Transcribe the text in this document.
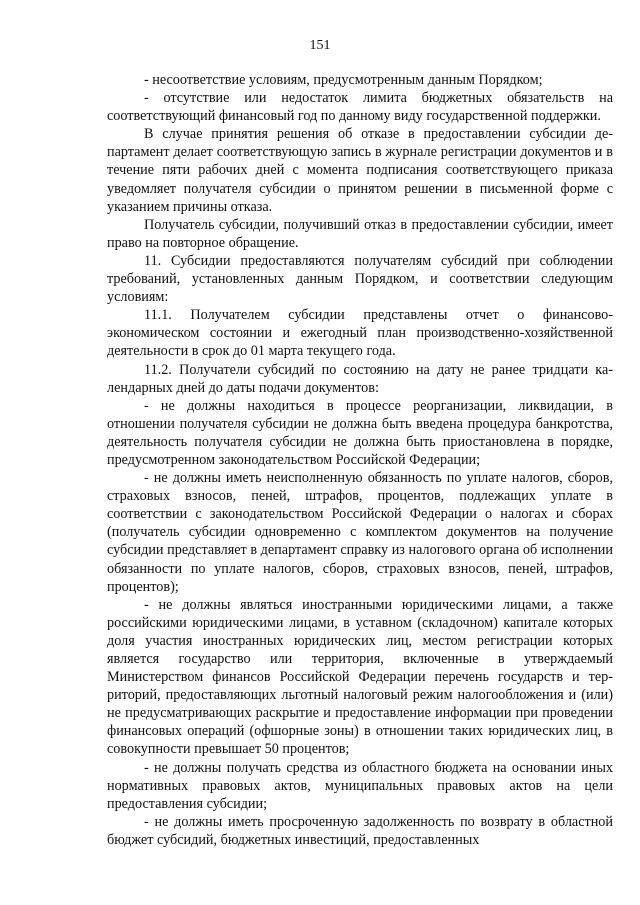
151

- несоответствие условиям, предусмотренным данным Порядком;

- отсутствие или недостаток лимита бюджетных обязательств на соответствующий финансовый год по данному виду государственной поддержки.

В случае принятия решения об отказе в предоставлении субсидии департамент делает соответствующую запись в журнале регистрации документов и в течение пяти рабочих дней с момента подписания соответствующего приказа уведомляет получателя субсидии о принятом решении в письменной форме с указанием причины отказа.

Получатель субсидии, получивший отказ в предоставлении субсидии, имеет право на повторное обращение.

11. Субсидии предоставляются получателям субсидий при соблюдении требований, установленных данным Порядком, и соответствии следующим условиям:

11.1. Получателем субсидии представлены отчет о финансово-экономическом состоянии и ежегодный план производственно-хозяйственной деятельности в срок до 01 марта текущего года.

11.2. Получатели субсидий по состоянию на дату не ранее тридцати календарных дней до даты подачи документов:

- не должны находиться в процессе реорганизации, ликвидации, в отношении получателя субсидии не должна быть введена процедура банкротства, деятельность получателя субсидии не должна быть приостановлена в порядке, предусмотренном законодательством Российской Федерации;

- не должны иметь неисполненную обязанность по уплате налогов, сборов, страховых взносов, пеней, штрафов, процентов, подлежащих уплате в соответствии с законодательством Российской Федерации о налогах и сборах (получатель субсидии одновременно с комплектом документов на получение субсидии представляет в департамент справку из налогового органа об исполнении обязанности по уплате налогов, сборов, страховых взносов, пеней, штрафов, процентов);

- не должны являться иностранными юридическими лицами, а также российскими юридическими лицами, в уставном (складочном) капитале которых доля участия иностранных юридических лиц, местом регистрации которых является государство или территория, включенные в утверждаемый Министерством финансов Российской Федерации перечень государств и территорий, предоставляющих льготный налоговый режим налогообложения и (или) не предусматривающих раскрытие и предоставление информации при проведении финансовых операций (офшорные зоны) в отношении таких юридических лиц, в совокупности превышает 50 процентов;

- не должны получать средства из областного бюджета на основании иных нормативных правовых актов, муниципальных правовых актов на цели предоставления субсидии;

- не должны иметь просроченную задолженность по возврату в областной бюджет субсидий, бюджетных инвестиций, предоставленных
